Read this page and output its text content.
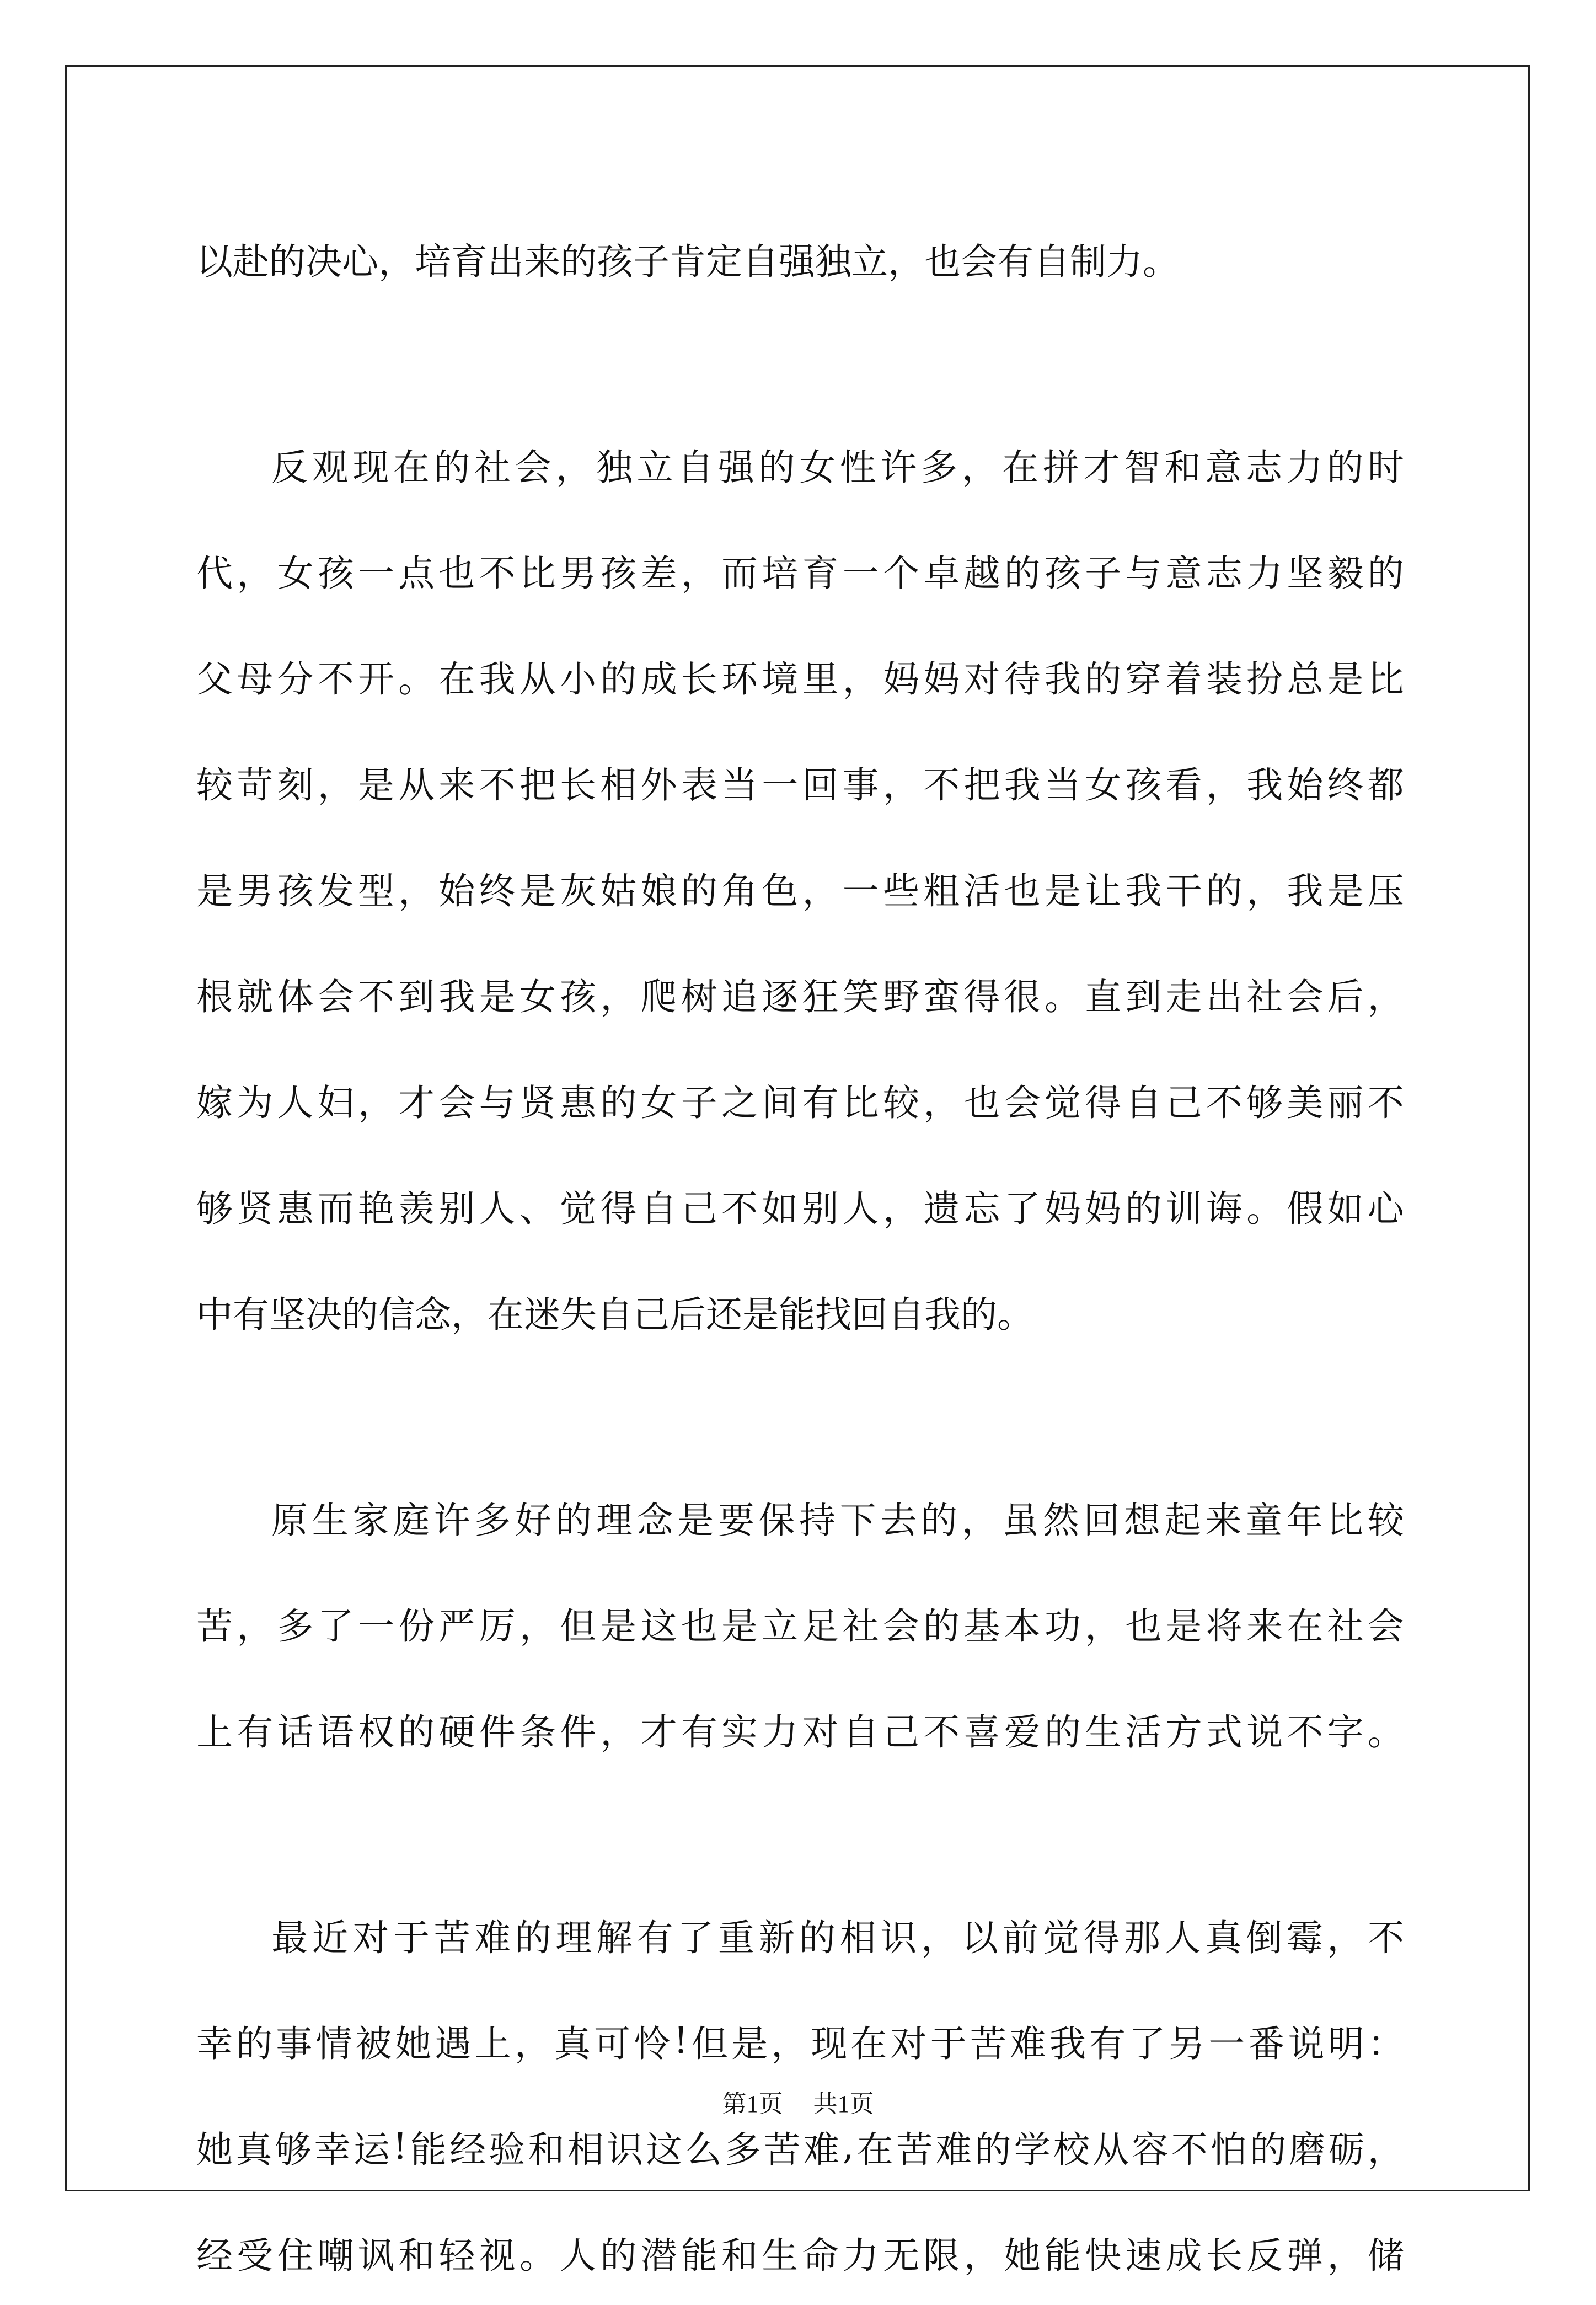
以赴的决心，培育出来的孩子肯定自强独立，也会有自制力。
反 观 现 在 的 社 会 ， 独 立 自 强 的 女 性 许 多 ， 在 拼 才 智 和 意 志 力 的 时
代 ， 女 孩 一 点 也 不 比 男 孩 差 ， 而 培 育 一 个 卓 越 的 孩 子 与 意 志 力 坚 毅 的
父 母 分 不 开 。 在 我 从 小 的 成 长 环 境 里 ， 妈 妈 对 待 我 的 穿 着 装 扮 总 是 比
较 苛 刻 ， 是 从 来 不 把 长 相 外 表 当 一 回 事 ， 不 把 我 当 女 孩 看 ， 我 始 终 都
是 男 孩 发 型 ， 始 终 是 灰 姑 娘 的 角 色 ， 一 些 粗 活 也 是 让 我 干 的 ， 我 是 压
根 就 体 会 不 到 我 是 女 孩 ， 爬 树 追 逐 狂 笑 野 蛮 得 很 。 直 到 走 出 社 会 后 ，
嫁 为 人 妇 ， 才 会 与 贤 惠 的 女 子 之 间 有 比 较 ， 也 会 觉 得 自 己 不 够 美 丽 不
够 贤 惠 而 艳 羡 别 人 、 觉 得 自 己 不 如 别 人 ， 遗 忘 了 妈 妈 的 训 诲 。 假 如 心
中有坚决的信念，在迷失自己后还是能找回自我的。
原 生 家 庭 许 多 好 的 理 念 是 要 保 持 下 去 的 ， 虽 然 回 想 起 来 童 年 比 较
苦 ， 多 了 一 份 严 厉 ， 但 是 这 也 是 立 足 社 会 的 基 本 功 ， 也 是 将 来 在 社 会
上 有 话 语 权 的 硬 件 条 件 ， 才 有 实 力 对 自 己 不 喜 爱 的 生 活 方 式 说 不 字 。
最 近 对 于 苦 难 的 理 解 有 了 重 新 的 相 识 ， 以 前 觉 得 那 人 真 倒 霉 ， 不
幸 的 事 情 被 她 遇 上 ， 真 可 怜 ! 但 是 ， 现 在 对 于 苦 难 我 有 了 另 一 番 说 明 ：
她 真 够 幸 运 ! 能 经 验 和 相 识 这 么 多 苦 难 , 在 苦 难 的 学 校 从 容 不 怕 的 磨 砺 ，
经 受 住 嘲 讽 和 轻 视 。 人 的 潜 能 和 生 命 力 无 限 ， 她 能 快 速 成 长 反 弹 ， 储
第1页 共1页
